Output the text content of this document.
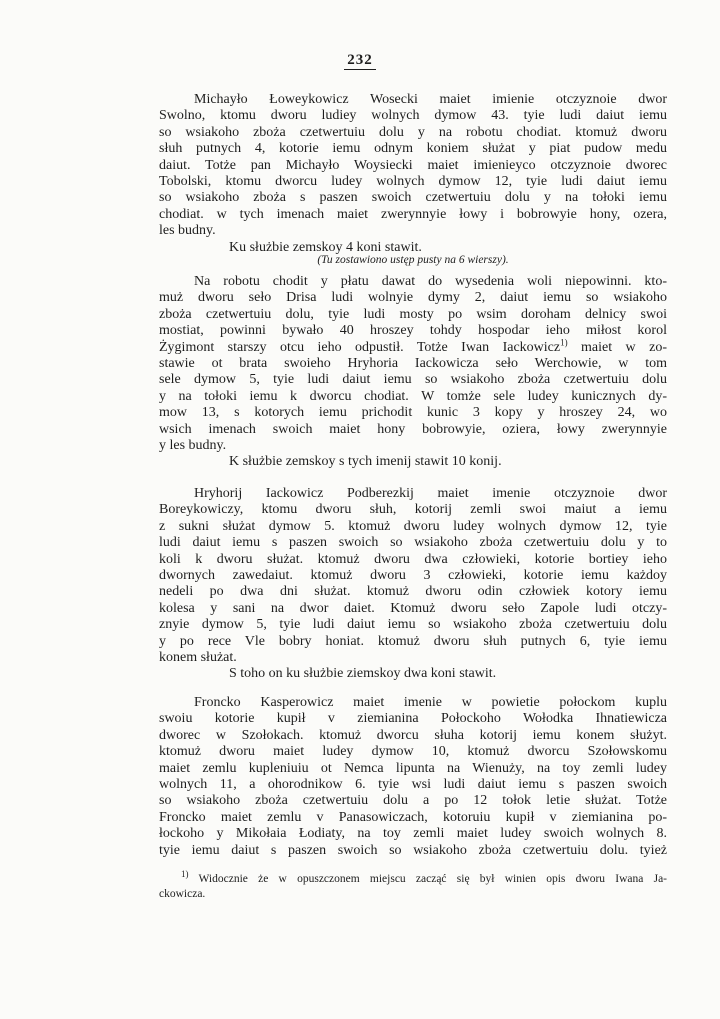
232
Michayło Łoweykowicz Wosecki maiet imienie otczyznoie dwor
Swolno, ktomu dworu ludiey wolnych dymow 43. tyie ludi daiut iemu
so wsiakoho zboża czetwertuiu dolu y na robotu chodiat. ktomuż dworu
słuh putnych 4, kotorie iemu odnym koniem służat y piat pudow medu
daiut. Totże pan Michayło Woysiecki maiet imienieyco otczyznoie dworec
Tobolski, ktomu dworcu ludey wolnych dymow 12, tyie ludi daiut iemu
so wsiakoho zboża s paszen swoich czetwertuiu dolu y na tołoki iemu
chodiat. w tych imenach maiet zwerynnyie łowy i bobrowyie hony, ozera,
les budny.
Ku służbie zemskoy 4 koni stawit.
(Tu zostawiono ustęp pusty na 6 wierszy).
Na robotu chodit y płatu dawat do wysedenia woli niepowinni. kto-
muż dworu seło Drisa ludi wolnyie dymy 2, daiut iemu so wsiakoho
zboża czetwertuiu dolu, tyie ludi mosty po wsim doroham delnicy swoi
mostiat, powinni bywało 40 hroszey tohdy hospodar ieho miłost korol
Żygimont starszy otcu ieho odpustił. Totże Iwan Iackowicz$^{1)}$ maiet w zo-
stawie ot brata swoieho Hryhoria Iackowicza seło Werchowie, w tom
sele dymow 5, tyie ludi daiut iemu so wsiakoho zboża czetwertuiu dolu
y na tołoki iemu k dworcu chodiat. W tomże sele ludey kunicznych dy-
mow 13, s kotorych iemu prichodit kunic 3 kopy y hroszey 24, wo
wsich imenach swoich maiet hony bobrowyie, oziera, łowy zwerynnyie
y les budny.
K służbie zemskoy s tych imenij stawit 10 konij.
Hryhorij Iackowicz Podberezkij maiet imenie otczyznoie dwor
Boreykowiczy, ktomu dworu słuh, kotorij zemli swoi maiut a iemu
z sukni służat dymow 5. ktomuż dworu ludey wolnych dymow 12, tyie
ludi daiut iemu s paszen swoich so wsiakoho zboża czetwertuiu dolu y to
koli k dworu służat. ktomuż dworu dwa człowieki, kotorie bortiey ieho
dwornych zawedaiut. ktomuż dworu 3 człowieki, kotorie iemu każdoy
nedeli po dwa dni służat. ktomuż dworu odin człowiek kotory iemu
kolesa y sani na dwor daiet. Ktomuż dworu seło Zapole ludi otczy-
znyie dymow 5, tyie ludi daiut iemu so wsiakoho zboża czetwertuiu dolu
y po rece Vle bobry honiat. ktomuż dworu słuh putnych 6, tyie iemu
konem służat.
S toho on ku służbie ziemskoy dwa koni stawit.
Froncko Kasperowicz maiet imenie w powietie połockom kuplu
swoiu kotorie kupił v ziemianina Połockoho Wołodka Ihnatiewicza
dworec w Szołokach. ktomuż dworcu słuha kotorij iemu konem służyt.
ktomuż dworu maiet ludey dymow 10, ktomuż dworcu Szołowskomu
maiet zemlu kupleniuiu ot Nemca lipunta na Wienuży, na toy zemli ludey
wolnych 11, a ohorodnikow 6. tyie wsi ludi daiut iemu s paszen swoich
so wsiakoho zboża czetwertuiu dolu a po 12 tołok letie służat. Totże
Froncko maiet zemlu v Panasowiczach, kotoruiu kupił v ziemianina po-
łockoho y Mikołaia Łodiaty, na toy zemli maiet ludey swoich wolnych 8.
tyie iemu daiut s paszen swoich so wsiakoho zboża czetwertuiu dolu. tyież
$^{1)}$ Widocznie że w opuszczonem miejscu zacząć się był winien opis dworu Iwana Ja-
ckowicza.
